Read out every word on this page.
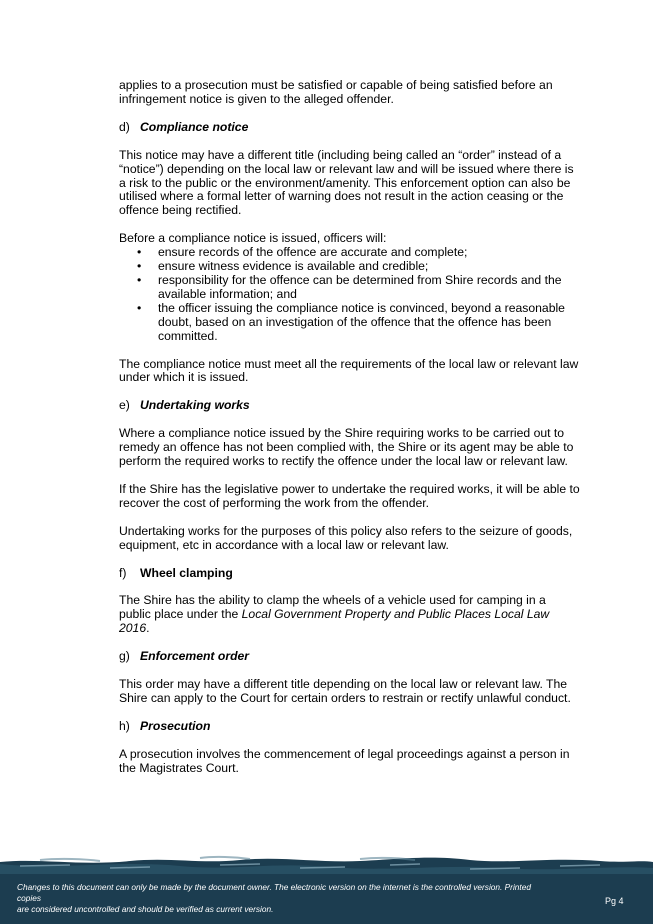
applies to a prosecution must be satisfied or capable of being satisfied before an infringement notice is given to the alleged offender.

d) Compliance notice

This notice may have a different title (including being called an “order” instead of a “notice”) depending on the local law or relevant law and will be issued where there is a risk to the public or the environment/amenity. This enforcement option can also be utilised where a formal letter of warning does not result in the action ceasing or the offence being rectified.

Before a compliance notice is issued, officers will:

• ensure records of the offence are accurate and complete;
• ensure witness evidence is available and credible;
• responsibility for the offence can be determined from Shire records and the available information; and
• the officer issuing the compliance notice is convinced, beyond a reasonable doubt, based on an investigation of the offence that the offence has been committed.

The compliance notice must meet all the requirements of the local law or relevant law under which it is issued.

e) Undertaking works

Where a compliance notice issued by the Shire requiring works to be carried out to remedy an offence has not been complied with, the Shire or its agent may be able to perform the required works to rectify the offence under the local law or relevant law.

If the Shire has the legislative power to undertake the required works, it will be able to recover the cost of performing the work from the offender.

Undertaking works for the purposes of this policy also refers to the seizure of goods, equipment, etc in accordance with a local law or relevant law.

f) Wheel clamping

The Shire has the ability to clamp the wheels of a vehicle used for camping in a public place under the Local Government Property and Public Places Local Law 2016.

g) Enforcement order

This order may have a different title depending on the local law or relevant law. The Shire can apply to the Court for certain orders to restrain or rectify unlawful conduct.

h) Prosecution

A prosecution involves the commencement of legal proceedings against a person in the Magistrates Court.

Changes to this document can only be made by the document owner. The electronic version on the internet is the controlled version. Printed copies
are considered uncontrolled and should be verified as current version.
Pg 4
